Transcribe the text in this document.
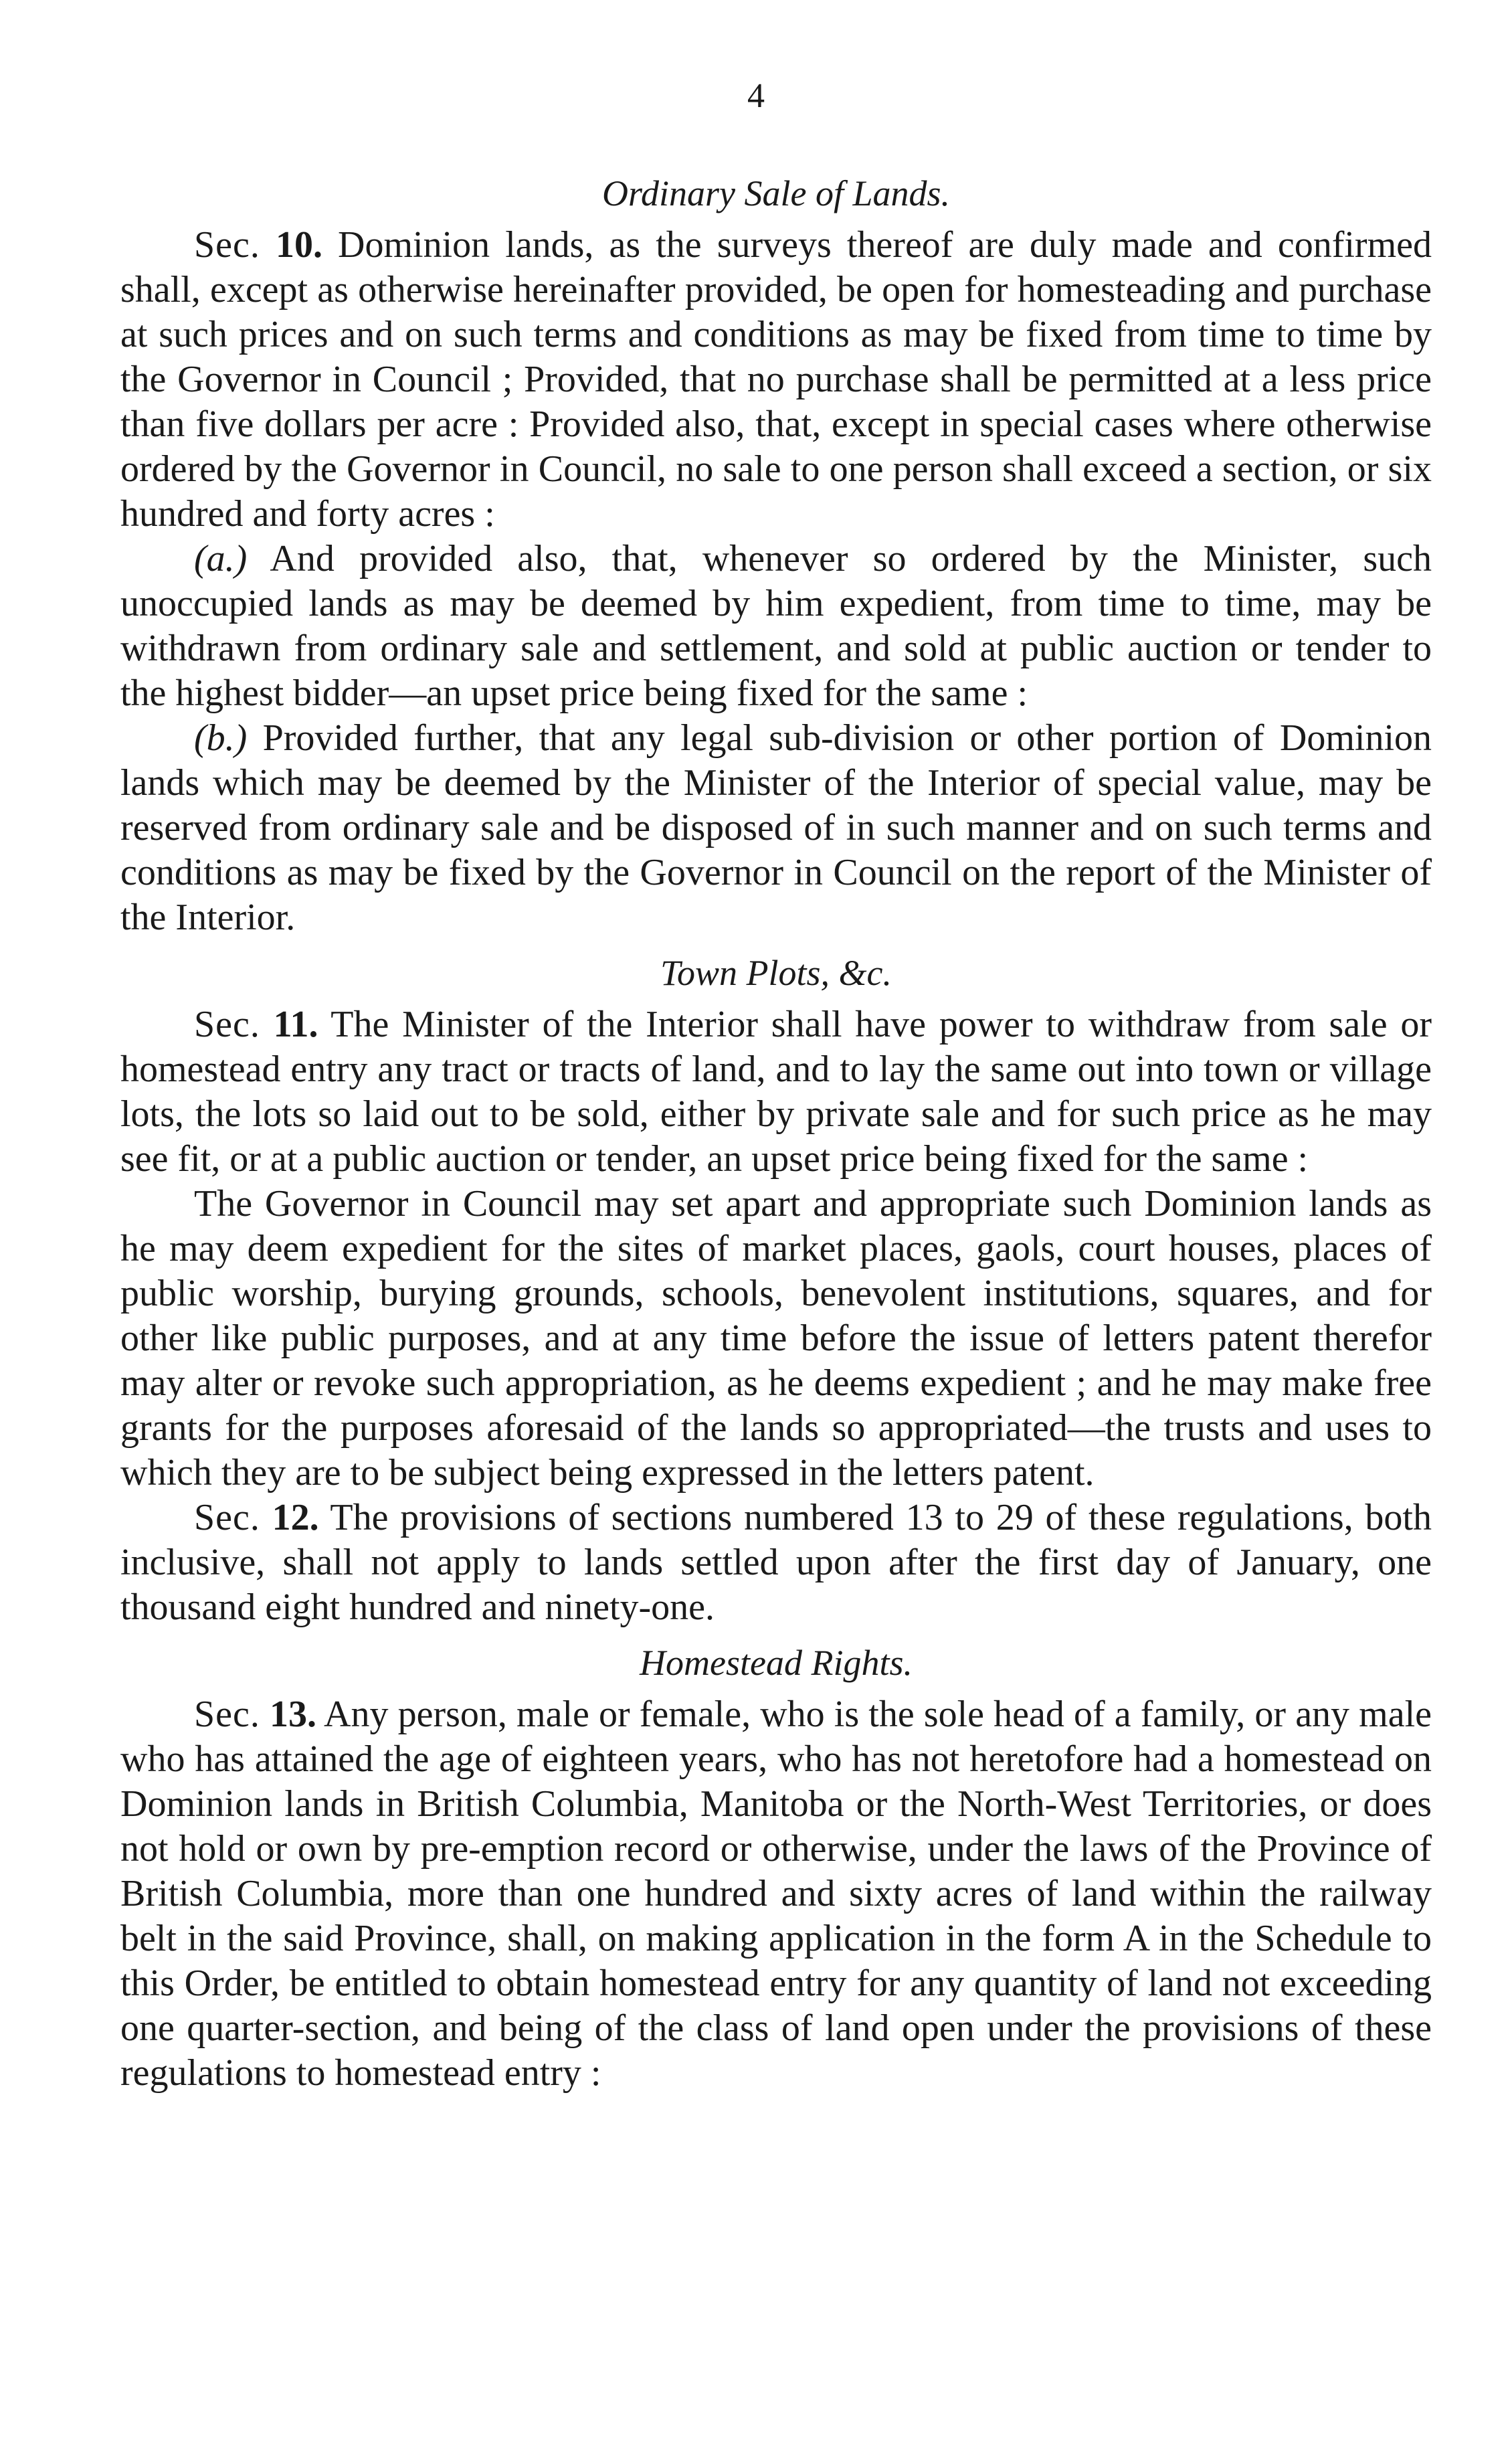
4

Ordinary Sale of Lands.

Sec. 10. Dominion lands, as the surveys thereof are duly made and confirmed shall, except as otherwise hereinafter provided, be open for homesteading and purchase at such prices and on such terms and conditions as may be fixed from time to time by the Governor in Council ; Provided, that no purchase shall be permitted at a less price than five dollars per acre : Provided also, that, except in special cases where otherwise ordered by the Governor in Council, no sale to one person shall exceed a section, or six hundred and forty acres :

(a.) And provided also, that, whenever so ordered by the Minister, such unoccupied lands as may be deemed by him expedient, from time to time, may be withdrawn from ordinary sale and settlement, and sold at public auction or tender to the highest bidder—an upset price being fixed for the same :

(b.) Provided further, that any legal sub-division or other portion of Dominion lands which may be deemed by the Minister of the Interior of special value, may be reserved from ordinary sale and be disposed of in such manner and on such terms and conditions as may be fixed by the Governor in Council on the report of the Minister of the Interior.

Town Plots, &c.

Sec. 11. The Minister of the Interior shall have power to withdraw from sale or homestead entry any tract or tracts of land, and to lay the same out into town or village lots, the lots so laid out to be sold, either by private sale and for such price as he may see fit, or at a public auction or tender, an upset price being fixed for the same :

The Governor in Council may set apart and appropriate such Dominion lands as he may deem expedient for the sites of market places, gaols, court houses, places of public worship, burying grounds, schools, benevolent institutions, squares, and for other like public purposes, and at any time before the issue of letters patent therefor may alter or revoke such appropriation, as he deems expedient ; and he may make free grants for the purposes aforesaid of the lands so appropriated—the trusts and uses to which they are to be subject being expressed in the letters patent.

Sec. 12. The provisions of sections numbered 13 to 29 of these regulations, both inclusive, shall not apply to lands settled upon after the first day of January, one thousand eight hundred and ninety-one.

Homestead Rights.

Sec. 13. Any person, male or female, who is the sole head of a family, or any male who has attained the age of eighteen years, who has not heretofore had a homestead on Dominion lands in British Columbia, Manitoba or the North-West Territories, or does not hold or own by pre-emption record or otherwise, under the laws of the Province of British Columbia, more than one hundred and sixty acres of land within the railway belt in the said Province, shall, on making application in the form A in the Schedule to this Order, be entitled to obtain homestead entry for any quantity of land not exceeding one quarter-section, and being of the class of land open under the provisions of these regulations to homestead entry :
